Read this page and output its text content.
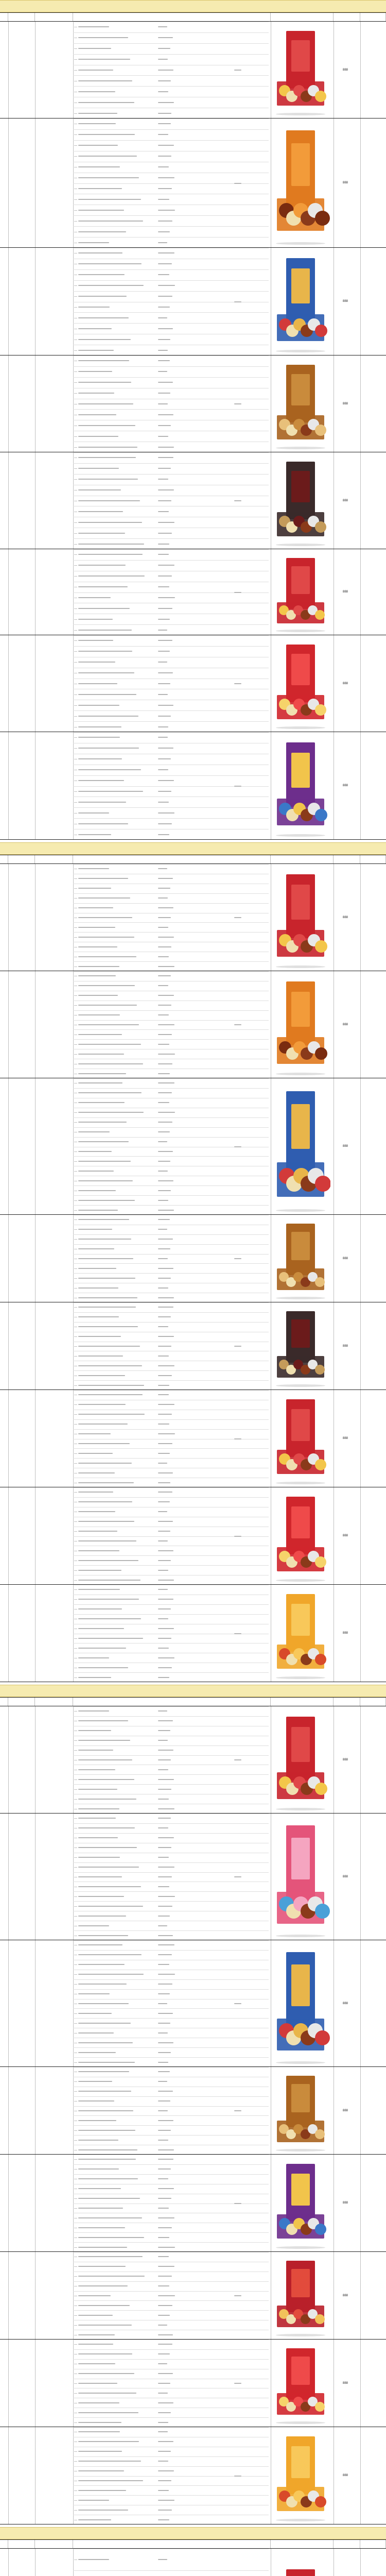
888
888
888
888
888
888
888
888
888
888
888
888
888
888
888
888
888
888
888
888
888
888
888
888
